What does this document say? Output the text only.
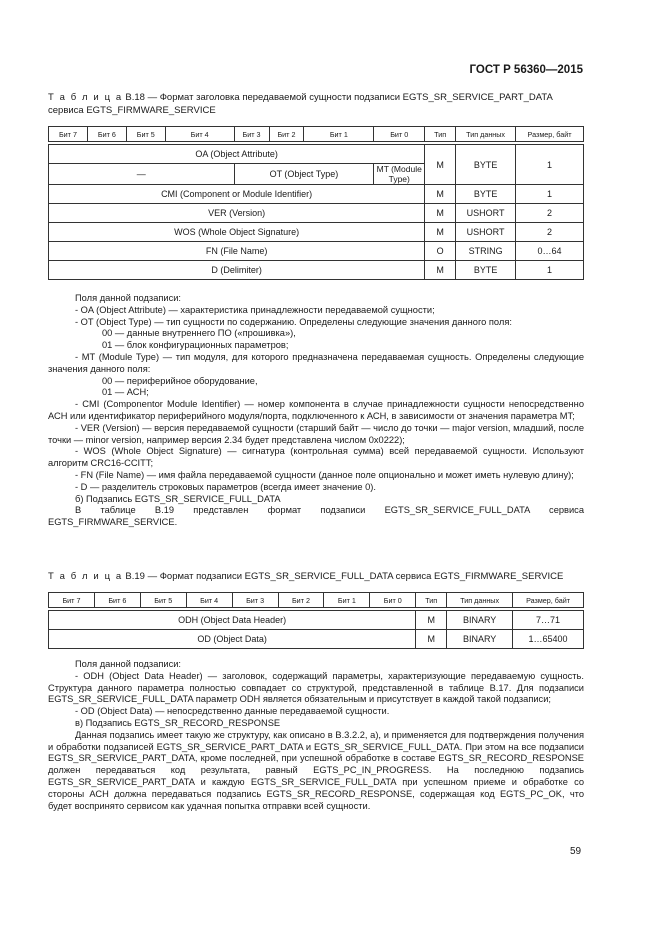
ГОСТ Р 56360—2015
Т а б л и ц а В.18 — Формат заголовка передаваемой сущности подзаписи EGTS_SR_SERVICE_PART_DATA сервиса EGTS_FIRMWARE_SERVICE
Бит 7	Бит 6	Бит 5	Бит 4	Бит 3	Бит 2	Бит 1	Бит 0	Тип	Тип данных	Размер, байт

OA (Object Attribute)								M	BYTE	1
—				OT (Object Type)			MT (Module Type)			
CMI (Component or Module Identifier)								M	BYTE	1
VER (Version)								M	USHORT	2
WOS (Whole Object Signature)								M	USHORT	2
FN (File Name)								O	STRING	0…64
D (Delimiter)								M	BYTE	1

Поля данной подзаписи:

- OA (Object Attribute) — характеристика принадлежности передаваемой сущности;

- OT (Object Type) — тип сущности по содержанию. Определены следующие значения данного поля:

00 — данные внутреннего ПО («прошивка»),

01 — блок конфигурационных параметров;

- MT (Module Type) — тип модуля, для которого предназначена передаваемая сущность. Определены следующие значения данного поля:

00 — периферийное оборудование,

01 — АСН;

- CMI (Componentor Module Identifier) — номер компонента в случае принадлежности сущности непосредственно АСН или идентификатор периферийного модуля/порта, подключенного к АСН, в зависимости от значения параметра MT;

- VER (Version) — версия передаваемой сущности (старший байт — число до точки — major version, младший, после точки — minor version, например версия 2.34 будет представлена числом 0x0222);

- WOS (Whole Object Signature) — сигнатура (контрольная сумма) всей передаваемой сущности. Используют алгоритм CRC16-CCITT;

- FN (File Name) — имя файла передаваемой сущности (данное поле опционально и может иметь нулевую длину);

- D — разделитель строковых параметров (всегда имеет значение 0).

б) Подзапись EGTS_SR_SERVICE_FULL_DATA

В таблице В.19 представлен формат подзаписи EGTS_SR_SERVICE_FULL_DATA сервиса EGTS_FIRMWARE_SERVICE.

Т а б л и ц а В.19 — Формат подзаписи EGTS_SR_SERVICE_FULL_DATA сервиса EGTS_FIRMWARE_SERVICE
Бит 7	Бит 6	Бит 5	Бит 4	Бит 3	Бит 2	Бит 1	Бит 0	Тип	Тип данных	Размер, байт

ODH (Object Data Header)								M	BINARY	7…71
OD (Object Data)								M	BINARY	1…65400

Поля данной подзаписи:

- ODH (Object Data Header) — заголовок, содержащий параметры, характеризующие передаваемую сущность. Структура данного параметра полностью совпадает со структурой, представленной в таблице В.17. Для подзаписи EGTS_SR_SERVICE_FULL_DATA параметр ODH является обязательным и присутствует в каждой такой подзаписи;

- OD (Object Data) — непосредственно данные передаваемой сущности.

в) Подзапись EGTS_SR_RECORD_RESPONSE

Данная подзапись имеет такую же структуру, как описано в В.3.2.2, а), и применяется для подтверждения получения и обработки подзаписей EGTS_SR_SERVICE_PART_DATA и EGTS_SR_SERVICE_FULL_DATA. При этом на все подзаписи EGTS_SR_SERVICE_PART_DATA, кроме последней, при успешной обработке в составе EGTS_SR_RECORD_RESPONSE должен передаваться код результата, равный EGTS_PC_IN_PROGRESS. На последнюю подзапись EGTS_SR_SERVICE_PART_DATA и каждую EGTS_SR_SERVICE_FULL_DATA при успешном приеме и обработке со стороны АСН должна передаваться подзапись EGTS_SR_RECORD_RESPONSE, содержащая код EGTS_PC_OK, что будет воспринято сервисом как удачная попытка отправки всей сущности.

59
